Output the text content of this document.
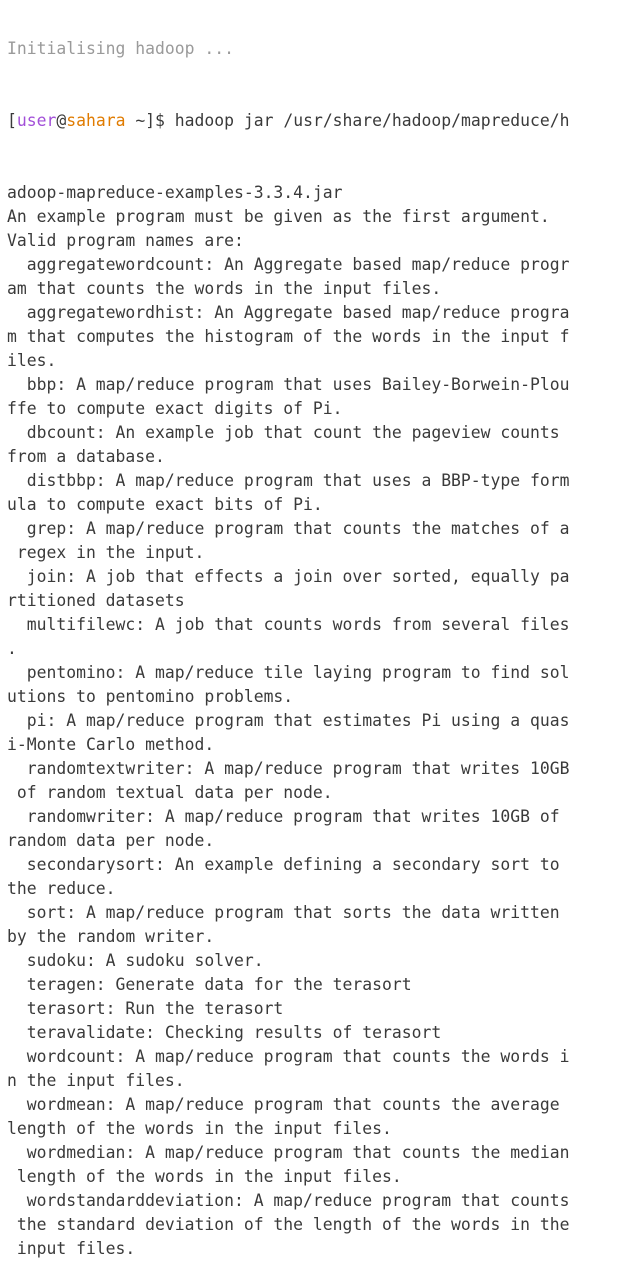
Initialising hadoop ...

[user@sahara ~]$ hadoop jar /usr/share/hadoop/mapreduce/h

adoop-mapreduce-examples-3.3.4.jar
An example program must be given as the first argument.
Valid program names are:
aggregatewordcount: An Aggregate based map/reduce progr
am that counts the words in the input files.
aggregatewordhist: An Aggregate based map/reduce progra
m that computes the histogram of the words in the input f
iles.
bbp: A map/reduce program that uses Bailey-Borwein-Plou
ffe to compute exact digits of Pi.
dbcount: An example job that count the pageview counts
from a database.
distbbp: A map/reduce program that uses a BBP-type form
ula to compute exact bits of Pi.
grep: A map/reduce program that counts the matches of a
regex in the input.
join: A job that effects a join over sorted, equally pa
rtitioned datasets
multifilewc: A job that counts words from several files
.
pentomino: A map/reduce tile laying program to find sol
utions to pentomino problems.
pi: A map/reduce program that estimates Pi using a quas
i-Monte Carlo method.
randomtextwriter: A map/reduce program that writes 10GB
of random textual data per node.
randomwriter: A map/reduce program that writes 10GB of
random data per node.
secondarysort: An example defining a secondary sort to
the reduce.
sort: A map/reduce program that sorts the data written
by the random writer.
sudoku: A sudoku solver.
teragen: Generate data for the terasort
terasort: Run the terasort
teravalidate: Checking results of terasort
wordcount: A map/reduce program that counts the words i
n the input files.
wordmean: A map/reduce program that counts the average
length of the words in the input files.
wordmedian: A map/reduce program that counts the median
length of the words in the input files.
wordstandarddeviation: A map/reduce program that counts
the standard deviation of the length of the words in the
input files.
